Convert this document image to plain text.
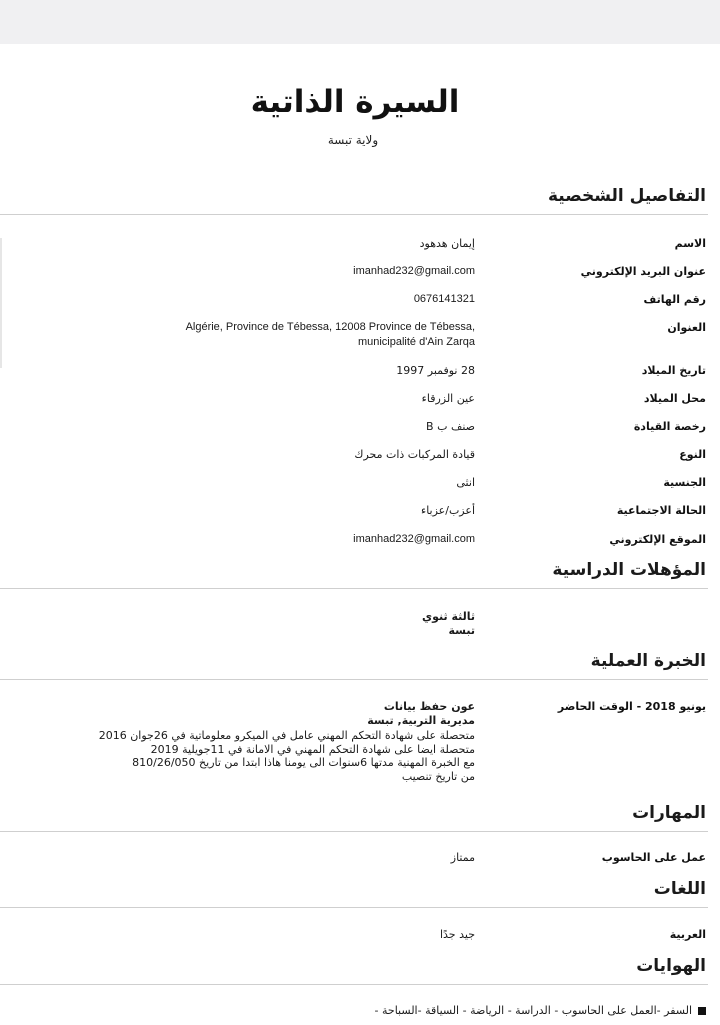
السيرة الذاتية
ولاية تبسة
التفاصيل الشخصية
الاسم
إيمان هدهود
عنوان البريد الإلكتروني
imanhad232@gmail.com
رقم الهاتف
0676141321
العنوان
Algérie, Province de Tébessa, 12008 Province de Tébessa,
municipalité d'Ain Zarqa
تاريخ الميلاد
28 نوفمبر 1997
محل الميلاد
عين الزرقاء
رخصة القيادة
صنف ب B
النوع
قيادة المركبات ذات محرك
الجنسية
انثى
الحالة الاجتماعية
أعزب/عزباء
الموقع الإلكتروني
imanhad232@gmail.com
المؤهلات الدراسية
ثالثة ثنوي
تبسة
الخبرة العملية
يونيو 2018 - الوقت الحاضر
عون حفظ بيانات
مديرية التربية, تبسة
متحصلة على شهادة التحكم المهني عامل في الميكرو معلوماتية في 26جوان 2016
متحصلة ايضا على شهادة التحكم المهني في الامانة في 11جويلية 2019
مع الخبرة المهنية مدتها 6سنوات الى يومنا هاذا ابتدا من تاريخ 810/26/050
من تاريخ تنصيب
المهارات
عمل على الحاسوب
ممتاز
اللغات
العربية
جيد جدًا
الهوايات
السفر -العمل على الحاسوب - الدراسة - الرياضة - السياقة -السباحة -
